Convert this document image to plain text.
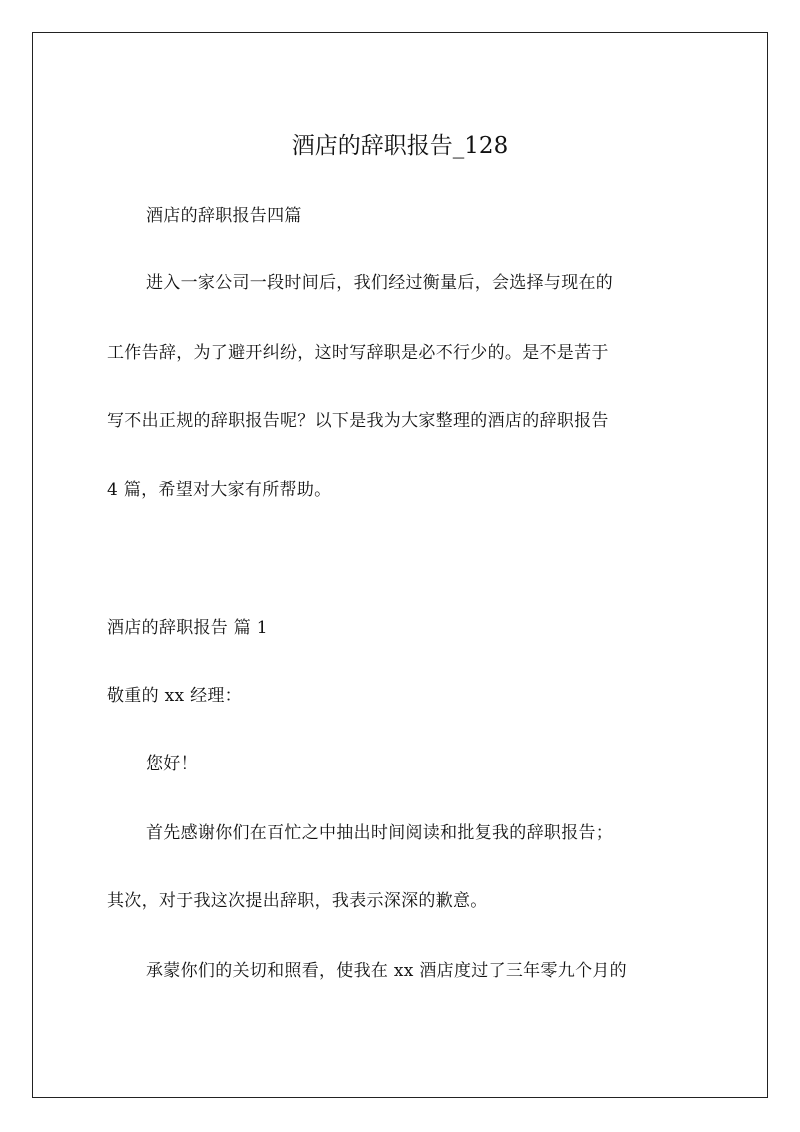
酒店的辞职报告_128
酒店的辞职报告四篇
进入一家公司一段时间后，我们经过衡量后，会选择与现在的
工作告辞，为了避开纠纷，这时写辞职是必不行少的。是不是苦于
写不出正规的辞职报告呢？以下是我为大家整理的酒店的辞职报告
4 篇，希望对大家有所帮助。
酒店的辞职报告 篇 1
敬重的 xx 经理：
您好！
首先感谢你们在百忙之中抽出时间阅读和批复我的辞职报告；
其次，对于我这次提出辞职，我表示深深的歉意。
承蒙你们的关切和照看，使我在 xx 酒店度过了三年零九个月的
